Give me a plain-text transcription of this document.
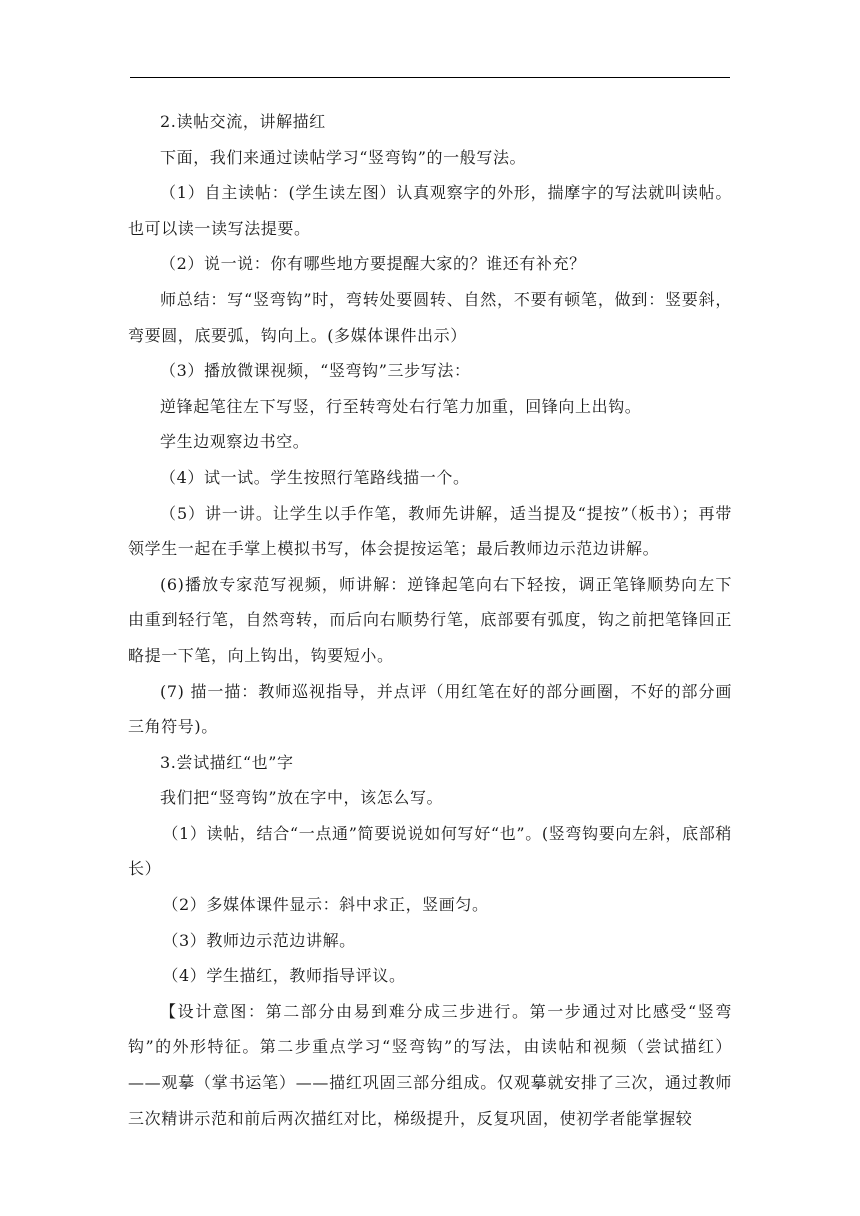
2.读帖交流，讲解描红

下面，我们来通过读帖学习“竖弯钩”的一般写法。

（1）自主读帖：(学生读左图）认真观察字的外形，揣摩字的写法就叫读帖。也可以读一读写法提要。

（2）说一说：你有哪些地方要提醒大家的？谁还有补充？

师总结：写“竖弯钩”时，弯转处要圆转、自然，不要有顿笔，做到：竖要斜，弯要圆，底要弧，钩向上。(多媒体课件出示）

（3）播放微课视频，“竖弯钩”三步写法：

逆锋起笔往左下写竖，行至转弯处右行笔力加重，回锋向上出钩。

学生边观察边书空。

（4）试一试。学生按照行笔路线描一个。

（5）讲一讲。让学生以手作笔，教师先讲解，适当提及“提按”（板书）；再带领学生一起在手掌上模拟书写，体会提按运笔；最后教师边示范边讲解。

(6)播放专家范写视频，师讲解：逆锋起笔向右下轻按，调正笔锋顺势向左下由重到轻行笔，自然弯转，而后向右顺势行笔，底部要有弧度，钩之前把笔锋回正略提一下笔，向上钩出，钩要短小。

(7) 描一描：教师巡视指导，并点评（用红笔在好的部分画圈，不好的部分画三角符号)。

3.尝试描红“也”字

我们把“竖弯钩”放在字中，该怎么写。

（1）读帖，结合“一点通”简要说说如何写好“也”。(竖弯钩要向左斜，底部稍长）

（2）多媒体课件显示：斜中求正，竖画匀。

（3）教师边示范边讲解。

（4）学生描红，教师指导评议。

【设计意图：第二部分由易到难分成三步进行。第一步通过对比感受“竖弯钩”的外形特征。第二步重点学习“竖弯钩”的写法，由读帖和视频（尝试描红）——观摹（掌书运笔）——描红巩固三部分组成。仅观摹就安排了三次，通过教师三次精讲示范和前后两次描红对比，梯级提升，反复巩固，使初学者能掌握较
